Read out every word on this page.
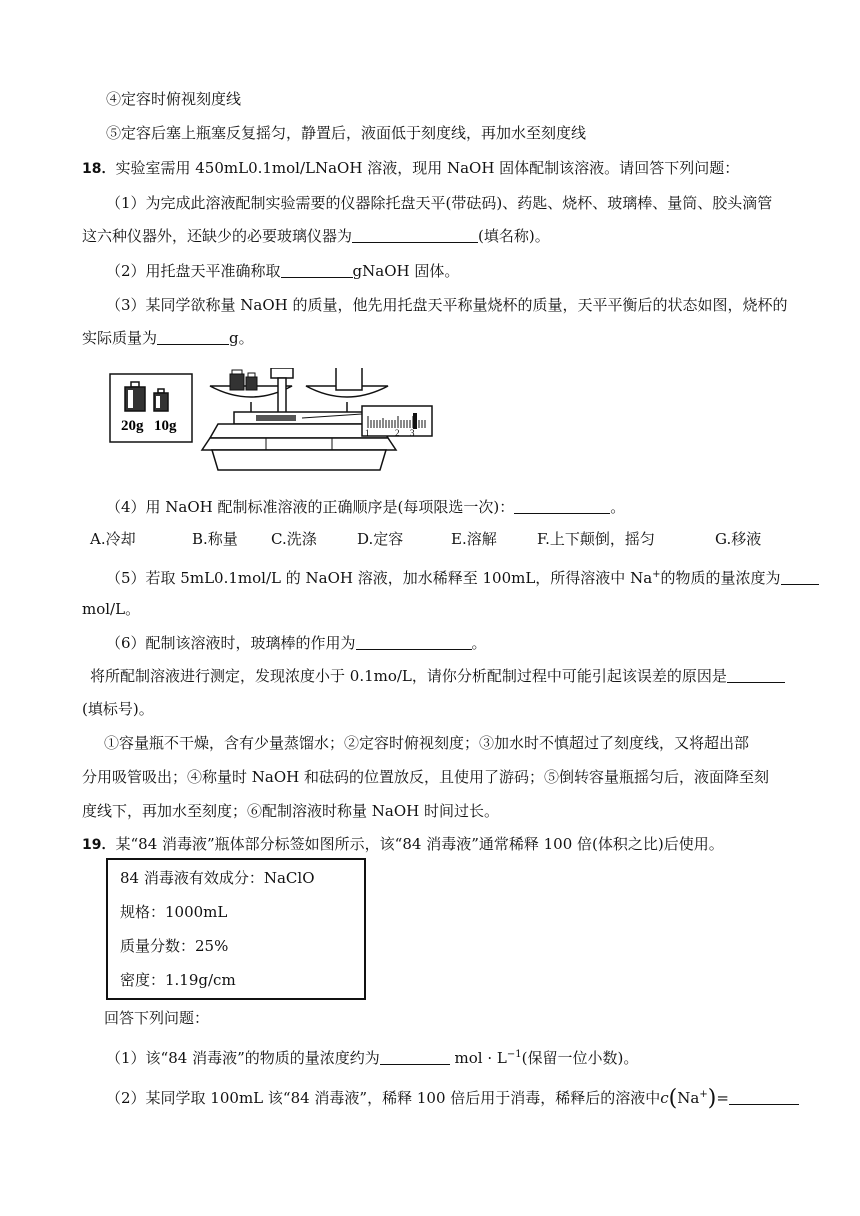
④定容时俯视刻度线
⑤定容后塞上瓶塞反复摇匀，静置后，液面低于刻度线，再加水至刻度线
18．实验室需用 450mL0.1mol/LNaOH 溶液，现用 NaOH 固体配制该溶液。请回答下列问题：
（1）为完成此溶液配制实验需要的仪器除托盘天平(带砝码)、药匙、烧杯、玻璃棒、量筒、胶头滴管
这六种仪器外，还缺少的必要玻璃仪器为	(填名称)。
（2）用托盘天平准确称取	gNaOH 固体。
（3）某同学欲称量 NaOH 的质量，他先用托盘天平称量烧杯的质量，天平平衡后的状态如图，烧杯的
实际质量为	g。
20g 10g	1	2 3
（4）用 NaOH 配制标准溶液的正确顺序是(每项限选一次)：	。
A.冷却	B.称量 C.洗涤	D.定容	E.溶解	F.上下颠倒，摇匀	G.移液
（5）若取 5mL0.1mol/L 的 NaOH 溶液，加水稀释至 100mL，所得溶液中 Na+的物质的量浓度为
mol/L。
（6）配制该溶液时，玻璃棒的作用为	。
将所配制溶液进行测定，发现浓度小于 0.1mo/L，请你分析配制过程中可能引起该误差的原因是
(填标号)。
①容量瓶不干燥，含有少量蒸馏水；②定容时俯视刻度；③加水时不慎超过了刻度线，又将超出部
分用吸管吸出；④称量时 NaOH 和砝码的位置放反，且使用了游码；⑤倒转容量瓶摇匀后，液面降至刻
度线下，再加水至刻度；⑥配制溶液时称量 NaOH 时间过长。
19．某“84 消毒液”瓶体部分标签如图所示，该“84 消毒液”通常稀释 100 倍(体积之比)后使用。
84 消毒液有效成分：NaClO
规格：1000mL
质量分数：25%
密度：1.19g/cm
回答下列问题：
（1）该“84 消毒液”的物质的量浓度约为	mol · $L^{-1}$(保留一位小数)。
（2）某同学取 100mL 该“84 消毒液”，稀释 100 倍后用于消毒，稀释后的溶液中c(Na+)=
